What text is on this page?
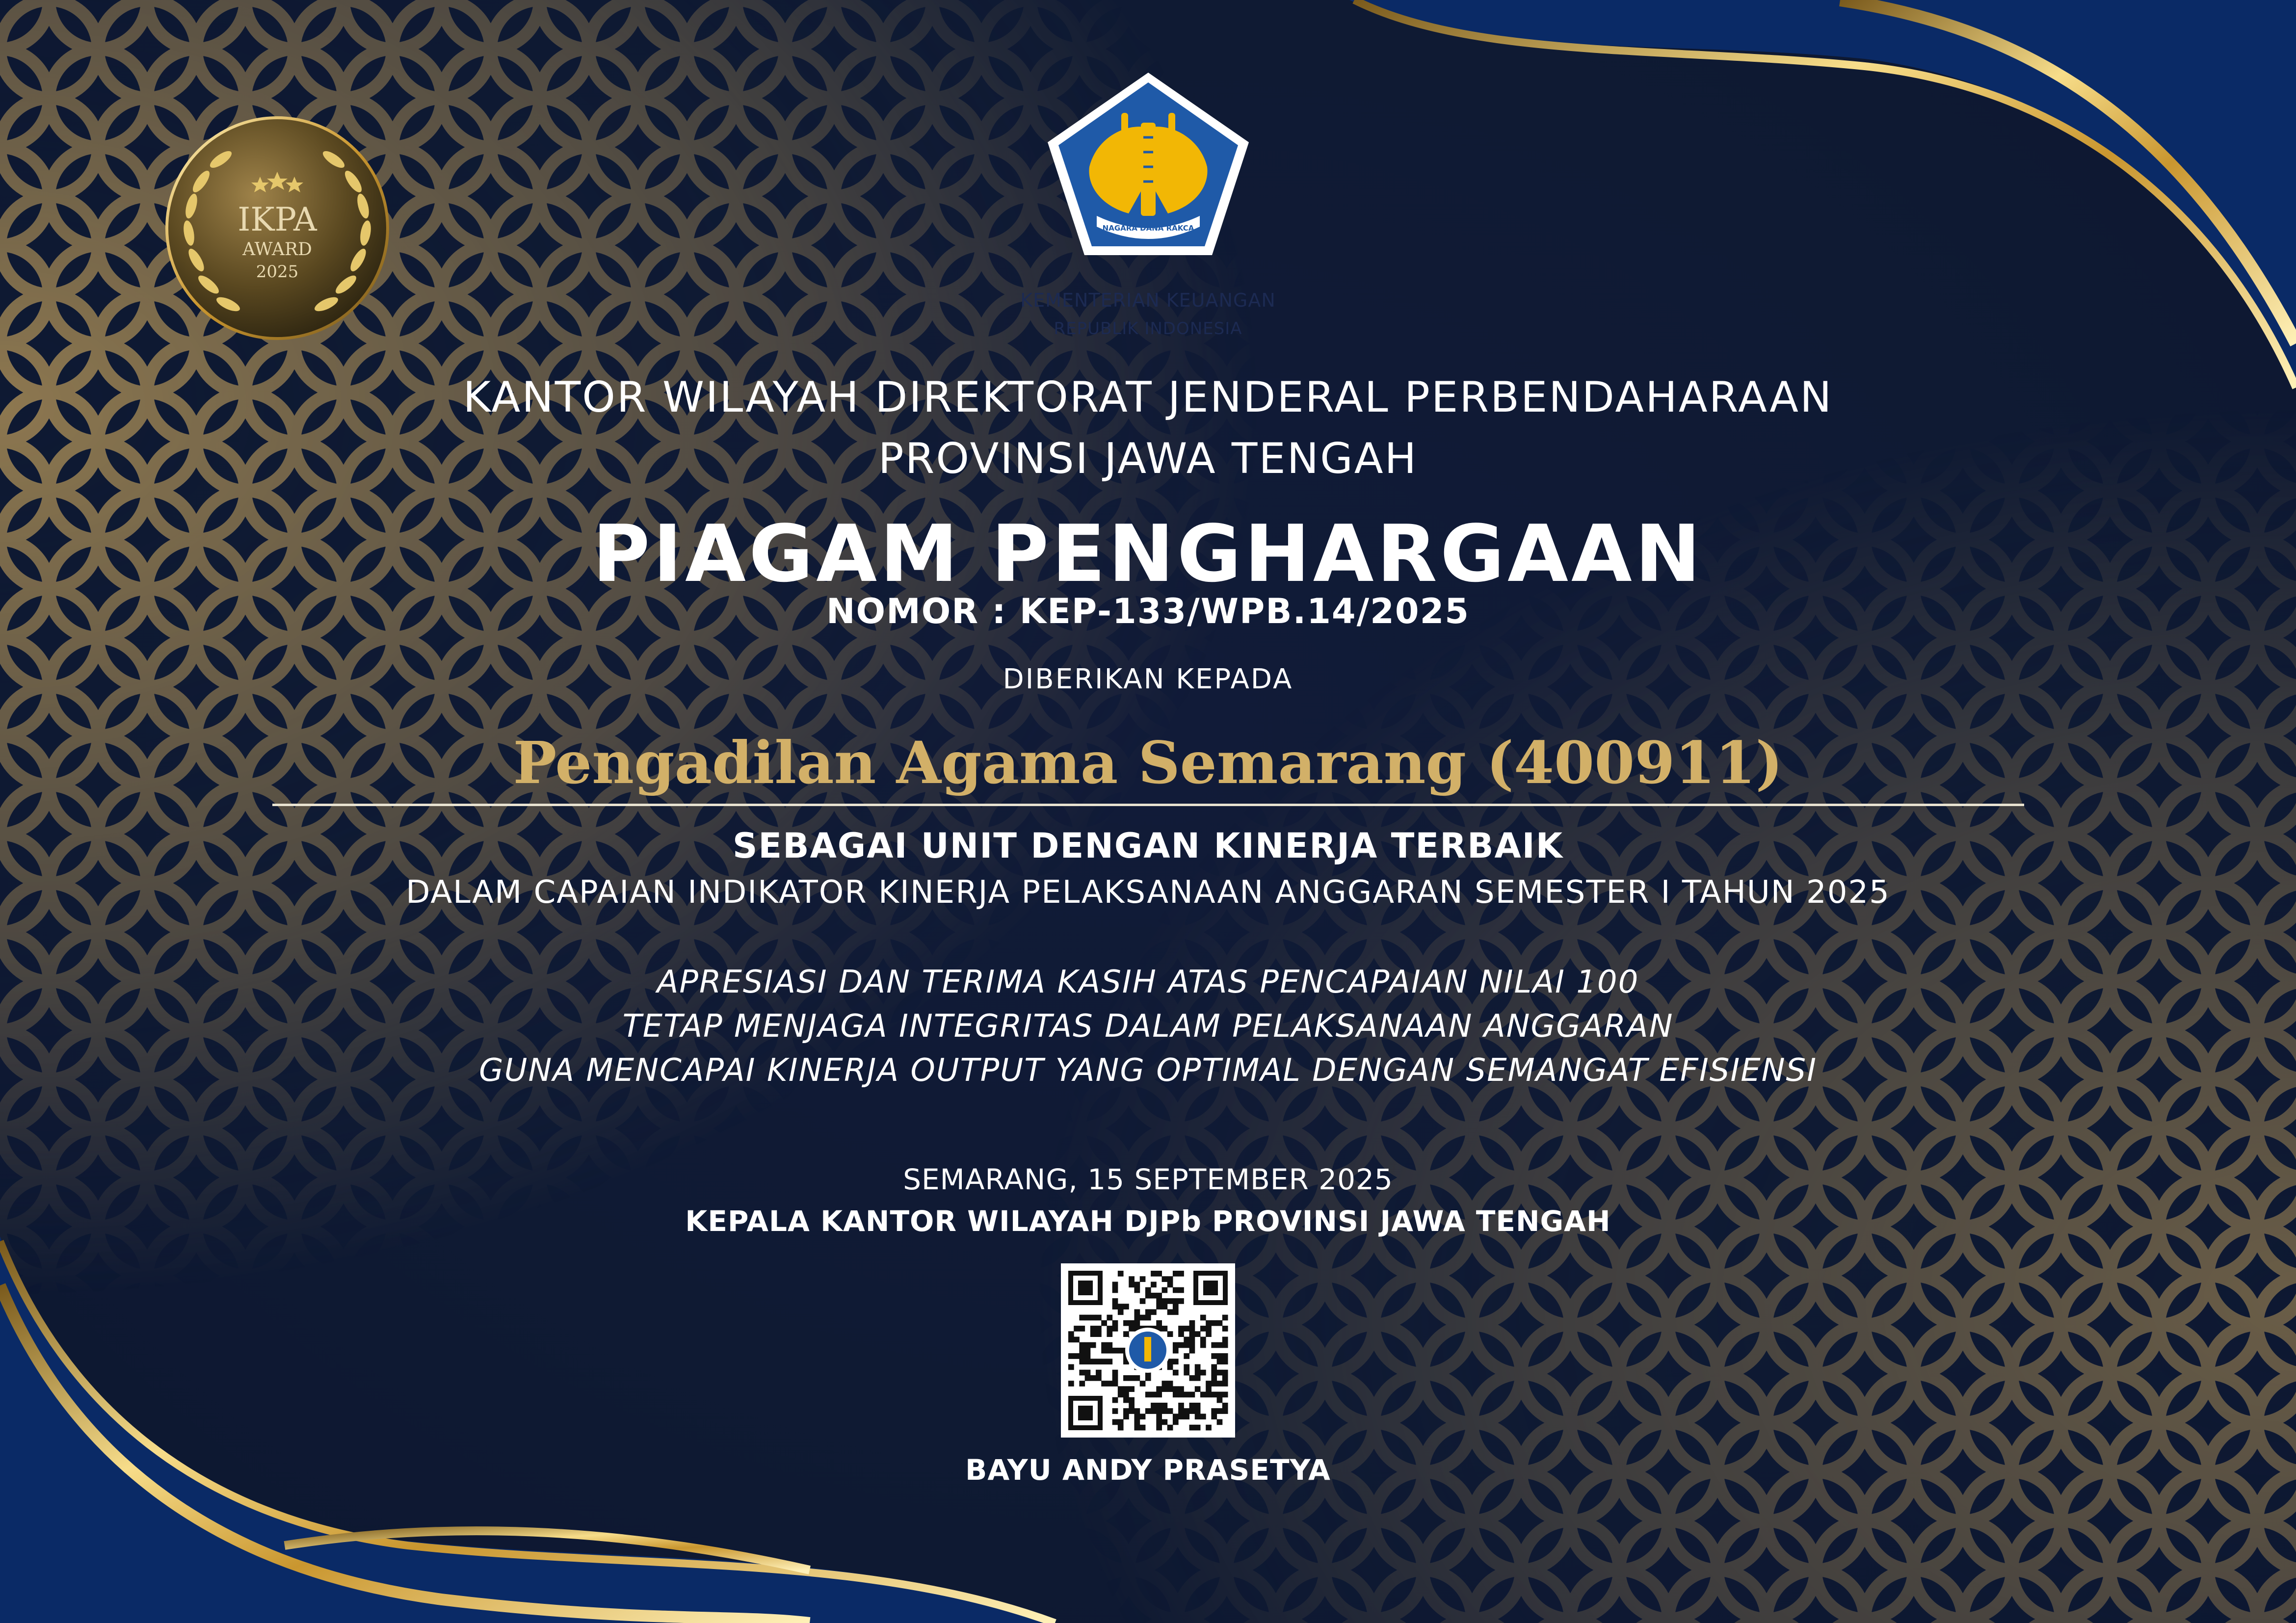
IKPA
AWARD
2025
NAGARA DANA RAKCA
KEMENTERIAN KEUANGAN
REPUBLIK INDONESIA
KANTOR WILAYAH DIREKTORAT JENDERAL PERBENDAHARAAN
PROVINSI JAWA TENGAH
PIAGAM PENGHARGAAN
NOMOR : KEP-133/WPB.14/2025
DIBERIKAN KEPADA
Pengadilan Agama Semarang (400911)
SEBAGAI UNIT DENGAN KINERJA TERBAIK
DALAM CAPAIAN INDIKATOR KINERJA PELAKSANAAN ANGGARAN SEMESTER I TAHUN 2025
APRESIASI DAN TERIMA KASIH ATAS PENCAPAIAN NILAI 100
TETAP MENJAGA INTEGRITAS DALAM PELAKSANAAN ANGGARAN
GUNA MENCAPAI KINERJA OUTPUT YANG OPTIMAL DENGAN SEMANGAT EFISIENSI
SEMARANG, 15 SEPTEMBER 2025
KEPALA KANTOR WILAYAH DJPb PROVINSI JAWA TENGAH
BAYU ANDY PRASETYA
